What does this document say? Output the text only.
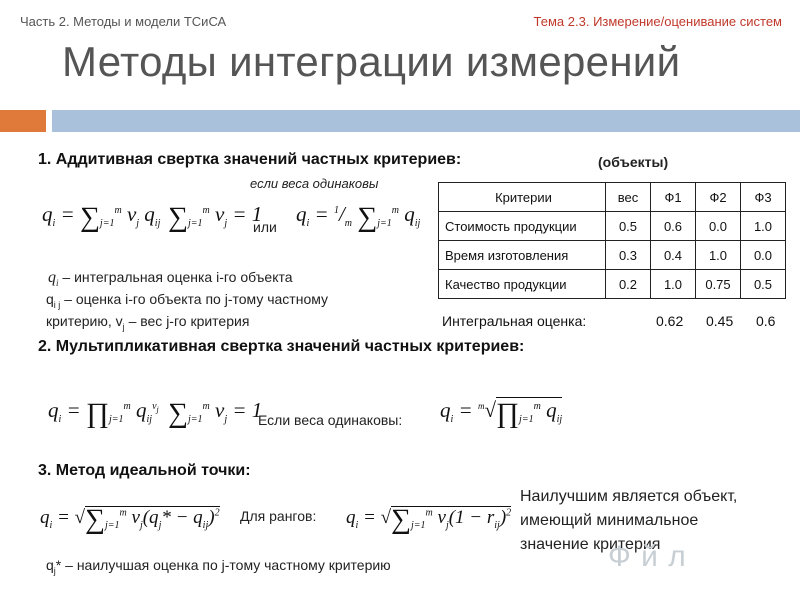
Часть 2. Методы и модели ТСиСА	Тема 2.3. Измерение/оценивание систем
Методы интеграции измерений
1. Аддитивная свертка значений частных критериев:	(объекты)
если веса одинаковы
$q_i = \sum_{j=1}^m$ $v_j$ $q_{ij}$ $\sum_{j=1}^m$ $v_j = 1$
или
$q_i = ^1/_m$ $\sum_{j=1}^m$ $q_{ij}$
$q_i$ – интегральная оценка i-го объекта
$q_{i j}$ – оценка i-го объекта по j-тому частному
критерию, $v_j$ – вес j-го критерия
Критерии	вес	Ф1	Ф2	Ф3
Стоимость продукции	0.5	0.6	0.0	1.0
Время изготовления	0.3	0.4	1.0	0.0
Качество продукции	0.2	1.0	0.75	0.5
Интегральная оценка:	0.62 0.45 0.6
2. Мультипликативная свертка значений частных критериев:
$q_i$ = $\prod_{j=1}^m$ $q_{ij}^{v_j}$ $\sum_{j=1}^m$ $v_j = 1$
Если веса одинаковы: $q_i$ = $^m√\prod_{j=1}^m$ $q_{ij}$
3. Метод идеальной точки:
$q_i = √\sum_{j=1}^m$ $v_j(q_j* - q_{ij})^2$ Для рангов: $q_i = √\sum_{j=1}^m$ $v_j(1 - r_{ij})^2$
Наилучшим является объект,
имеющий минимальное
значение критерия
$q_j*$ – наилучшая оценка по j-тому частному критерию	Ф й л
